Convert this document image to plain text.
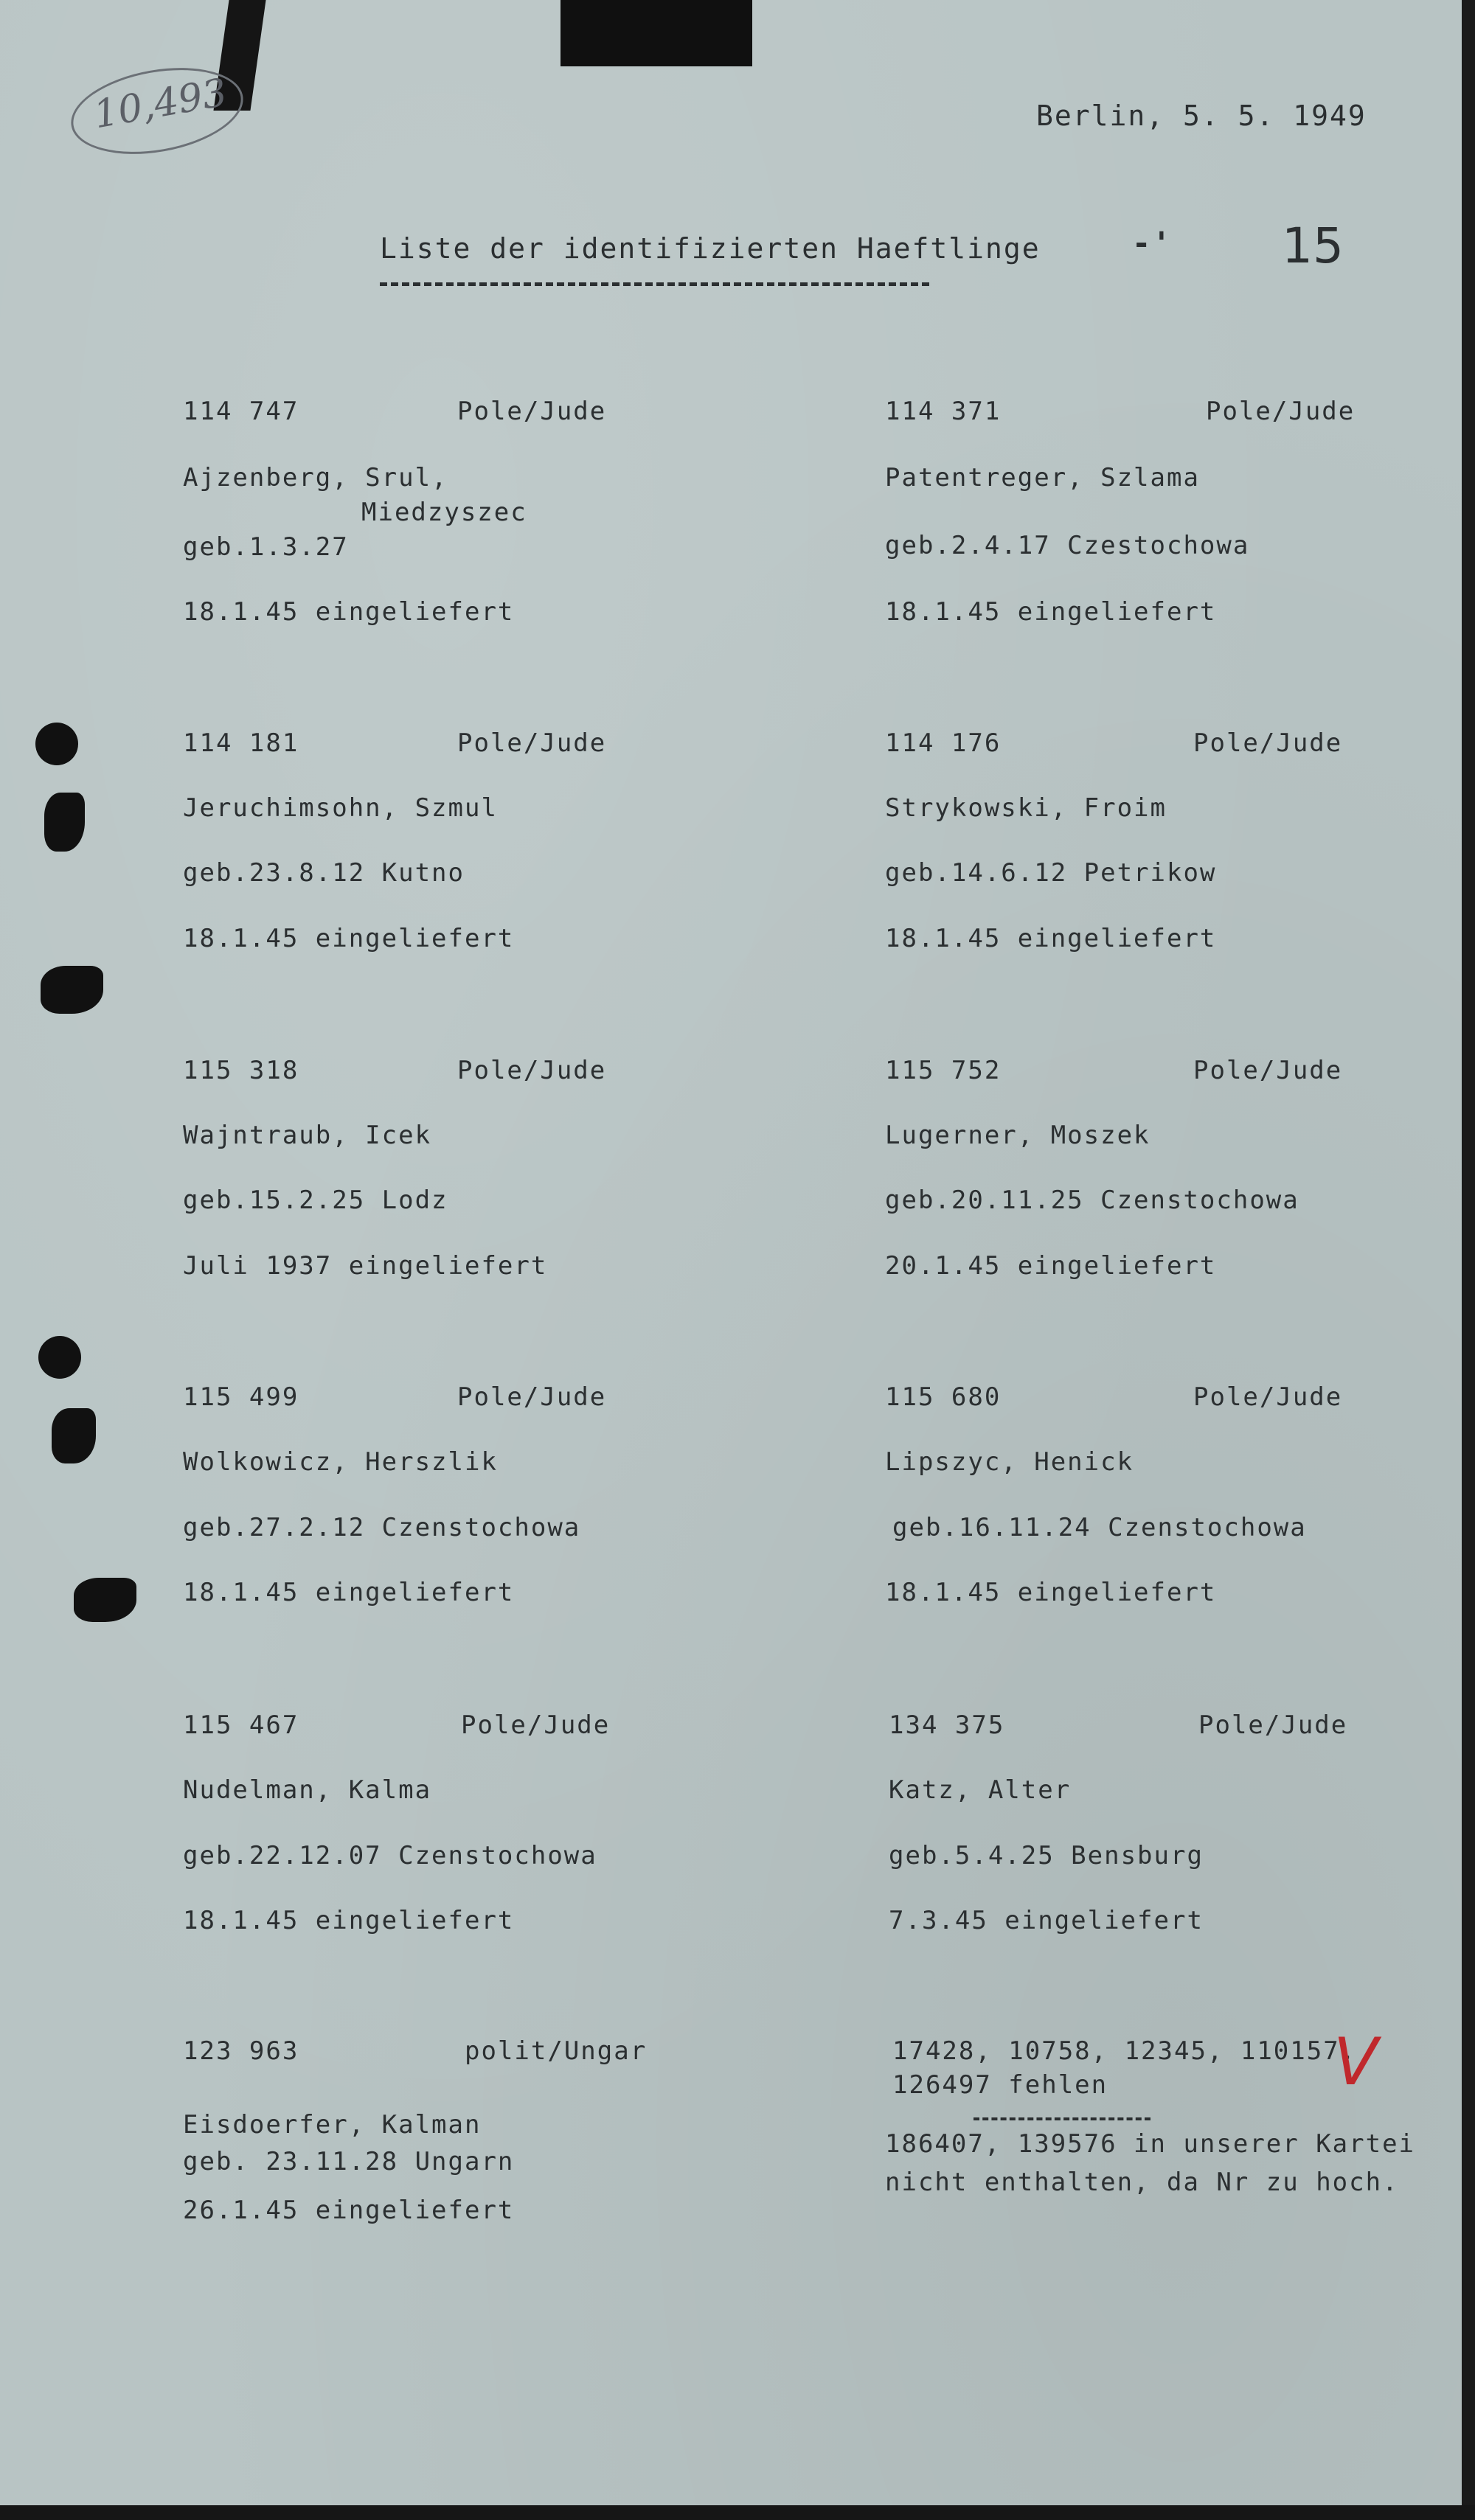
10,493	Berlin, 5. 5. 1949
Liste der identifizierten Haeftlinge	-' 15
114 747	Pole/Jude
Ajzenberg, Srul,
Miedzyszec
geb.1.3.27
18.1.45 eingeliefert
114 181	Pole/Jude
Jeruchimsohn, Szmul
geb.23.8.12 Kutno
18.1.45 eingeliefert
115 318	Pole/Jude
Wajntraub, Icek
geb.15.2.25 Lodz
Juli 1937 eingeliefert
115 499	Pole/Jude
Wolkowicz, Herszlik
geb.27.2.12 Czenstochowa
18.1.45 eingeliefert
115 467	Pole/Jude
Nudelman, Kalma
geb.22.12.07 Czenstochowa
18.1.45 eingeliefert
123 963	polit/Ungar
Eisdoerfer, Kalman
geb. 23.11.28 Ungarn
26.1.45 eingeliefert
114 371	Pole/Jude
Patentreger, Szlama
geb.2.4.17 Czestochowa
18.1.45 eingeliefert
114 176	Pole/Jude
Strykowski, Froim
geb.14.6.12 Petrikow
18.1.45 eingeliefert
115 752	Pole/Jude
Lugerner, Moszek
geb.20.11.25 Czenstochowa
20.1.45 eingeliefert
115 680	Pole/Jude
Lipszyc, Henick
geb.16.11.24 Czenstochowa
18.1.45 eingeliefert
134 375	Pole/Jude
Katz, Alter
geb.5.4.25 Bensburg
7.3.45 eingeliefert
17428, 10758, 12345, 110157,
126497 fehlen
186407, 139576 in unserer Kartei
nicht enthalten, da Nr zu hoch.
V
